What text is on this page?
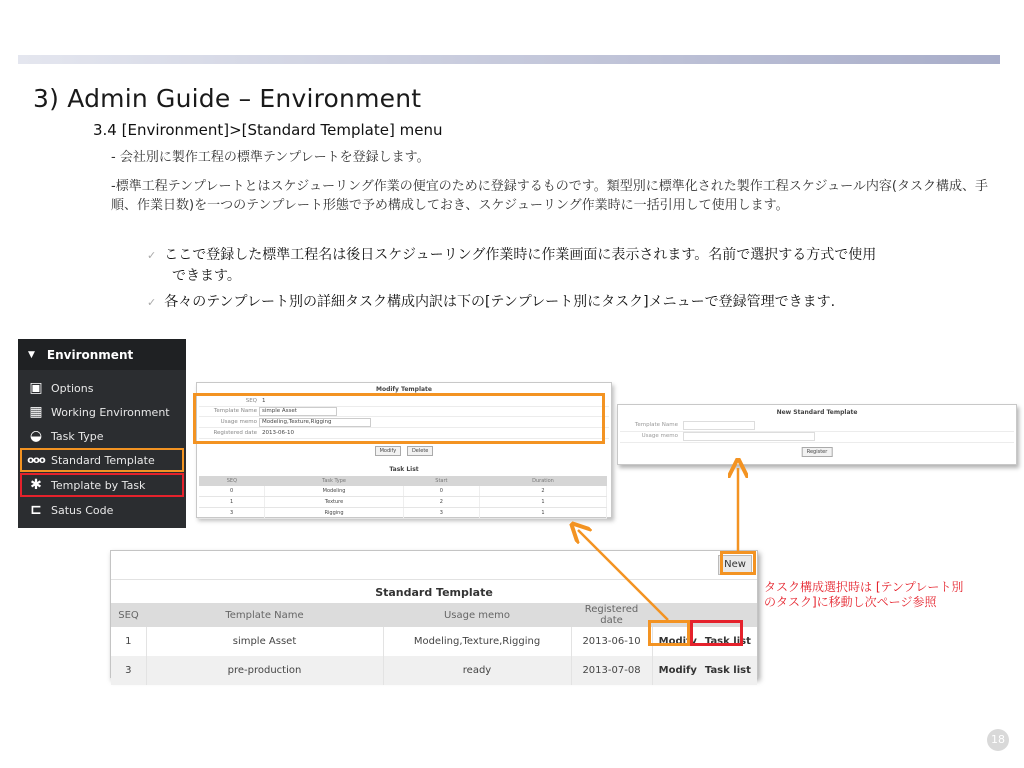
3) Admin Guide – Environment
3.4 [Environment]>[Standard Template] menu
- 会社別に製作工程の標準テンプレートを登録します。
-標準工程テンプレートとはスケジューリング作業の便宜のために登録するものです。類型別に標準化された製作工程スケジュール内容(タスク構成、手順、作業日数)を一つのテンプレート形態で予め構成しておき、スケジューリング作業時に一括引用して使用します。
✓ ここで登録した標準工程名は後日スケジューリング作業時に作業画面に表示されます。名前で選択する方式で使用
できます。
✓ 各々のテンプレート別の詳細タスク構成内訳は下の[テンプレート別にタスク]メニューで登録管理できます.
▼ Environment
▣ Options
▦ Working Environment
◒ Task Type
ooo Standard Template
✱ Template by Task
⊏ Satus Code
Modify Template
SEQ 1
Template Name simple Asset
Usage memo Modeling,Texture,Rigging
Registered date 2013-06-10
Modify	Delete
Task List
SEQ	Task Type	Start	Duration
0	Modeling	0	2
1	Texture	2	1
3	Rigging	3	1
New Standard Template
Template Name
Usage memo
Register
New
Standard Template
SEQ	Template Name	Usage memo	Registered date	
1	simple Asset	Modeling,Texture,Rigging	2013-06-10	Modify Task list
3	pre-production	ready	2013-07-08	Modify Task list
タスク構成選択時は [テンプレート別のタスク]に移動し次ページ参照
18
